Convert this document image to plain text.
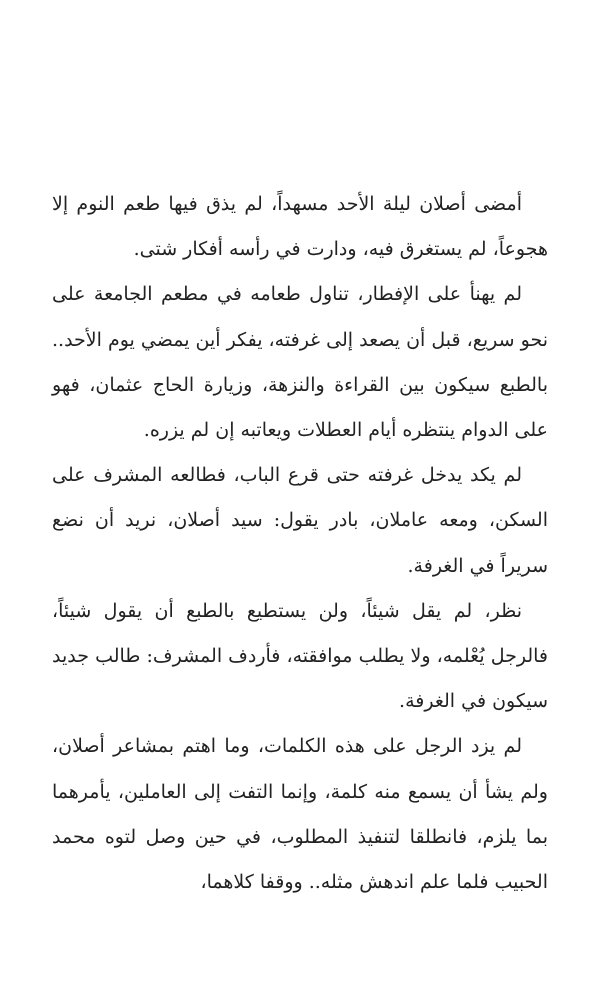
أمضى أصلان ليلة الأحد مسهداً، لم يذق فيها طعم النوم إلا هجوعاً، لم يستغرق فيه، ودارت في رأسه أفكار شتى.

لم يهنأ على الإفطار، تناول طعامه في مطعم الجامعة على نحو سريع، قبل أن يصعد إلى غرفته، يفكر أين يمضي يوم الأحد.. بالطبع سيكون بين القراءة والنزهة، وزيارة الحاج عثمان، فهو على الدوام ينتظره أيام العطلات ويعاتبه إن لم يزره.

لم يكد يدخل غرفته حتى قرع الباب، فطالعه المشرف على السكن، ومعه عاملان، بادر يقول: سيد أصلان، نريد أن نضع سريراً في الغرفة.

نظر، لم يقل شيئاً، ولن يستطيع بالطبع أن يقول شيئاً، فالرجل يُعْلمه، ولا يطلب موافقته، فأردف المشرف: طالب جديد سيكون في الغرفة.

لم يزد الرجل على هذه الكلمات، وما اهتم بمشاعر أصلان، ولم يشأ أن يسمع منه كلمة، وإنما التفت إلى العاملين، يأمرهما بما يلزم، فانطلقا لتنفيذ المطلوب، في حين وصل لتوه محمد الحبيب فلما علم اندهش مثله.. ووقفا كلاهما،
